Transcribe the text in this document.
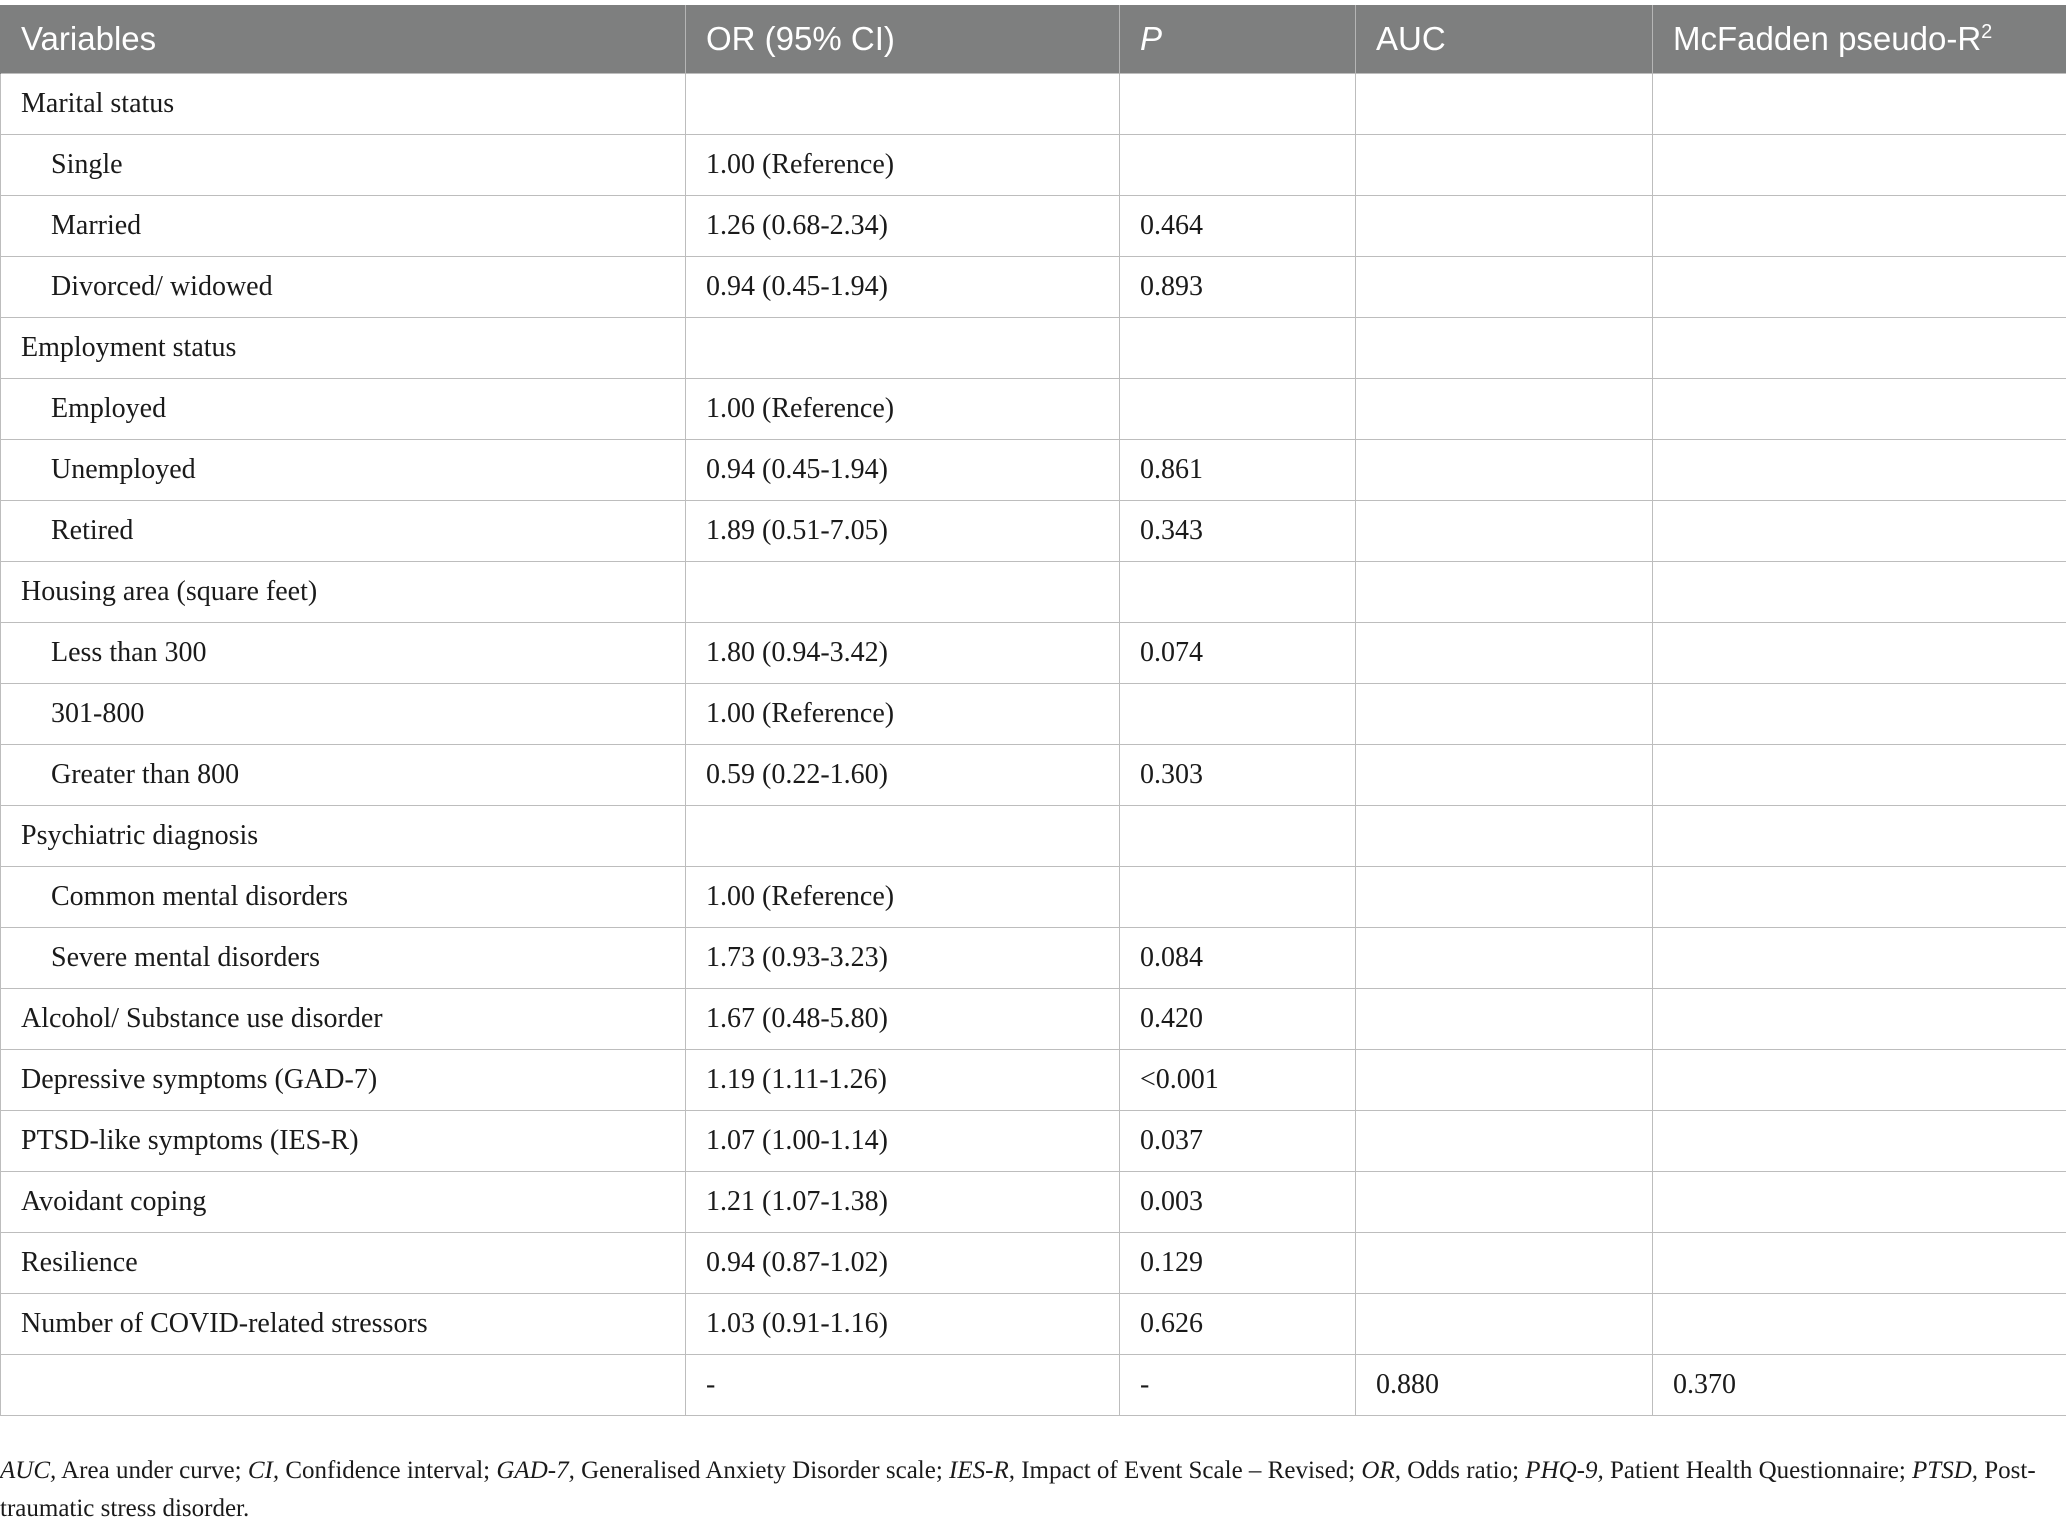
Variables	OR (95% CI)	P	AUC	McFadden pseudo-$R^2$
Marital status				
Single	1.00 (Reference)			
Married	1.26 (0.68-2.34)	0.464		
Divorced/ widowed	0.94 (0.45-1.94)	0.893		
Employment status				
Employed	1.00 (Reference)			
Unemployed	0.94 (0.45-1.94)	0.861		
Retired	1.89 (0.51-7.05)	0.343		
Housing area (square feet)				
Less than 300	1.80 (0.94-3.42)	0.074		
301-800	1.00 (Reference)			
Greater than 800	0.59 (0.22-1.60)	0.303		
Psychiatric diagnosis				
Common mental disorders	1.00 (Reference)			
Severe mental disorders	1.73 (0.93-3.23)	0.084		
Alcohol/ Substance use disorder	1.67 (0.48-5.80)	0.420		
Depressive symptoms (GAD-7)	1.19 (1.11-1.26)	<0.001		
PTSD-like symptoms (IES-R)	1.07 (1.00-1.14)	0.037		
Avoidant coping	1.21 (1.07-1.38)	0.003		
Resilience	0.94 (0.87-1.02)	0.129		
Number of COVID-related stressors	1.03 (0.91-1.16)	0.626		
	-	-	0.880	0.370
AUC, Area under curve; CI, Confidence interval; GAD-7, Generalised Anxiety Disorder scale; IES-R, Impact of Event Scale – Revised; OR, Odds ratio; PHQ-9, Patient Health Questionnaire; PTSD, Post-traumatic stress disorder.
